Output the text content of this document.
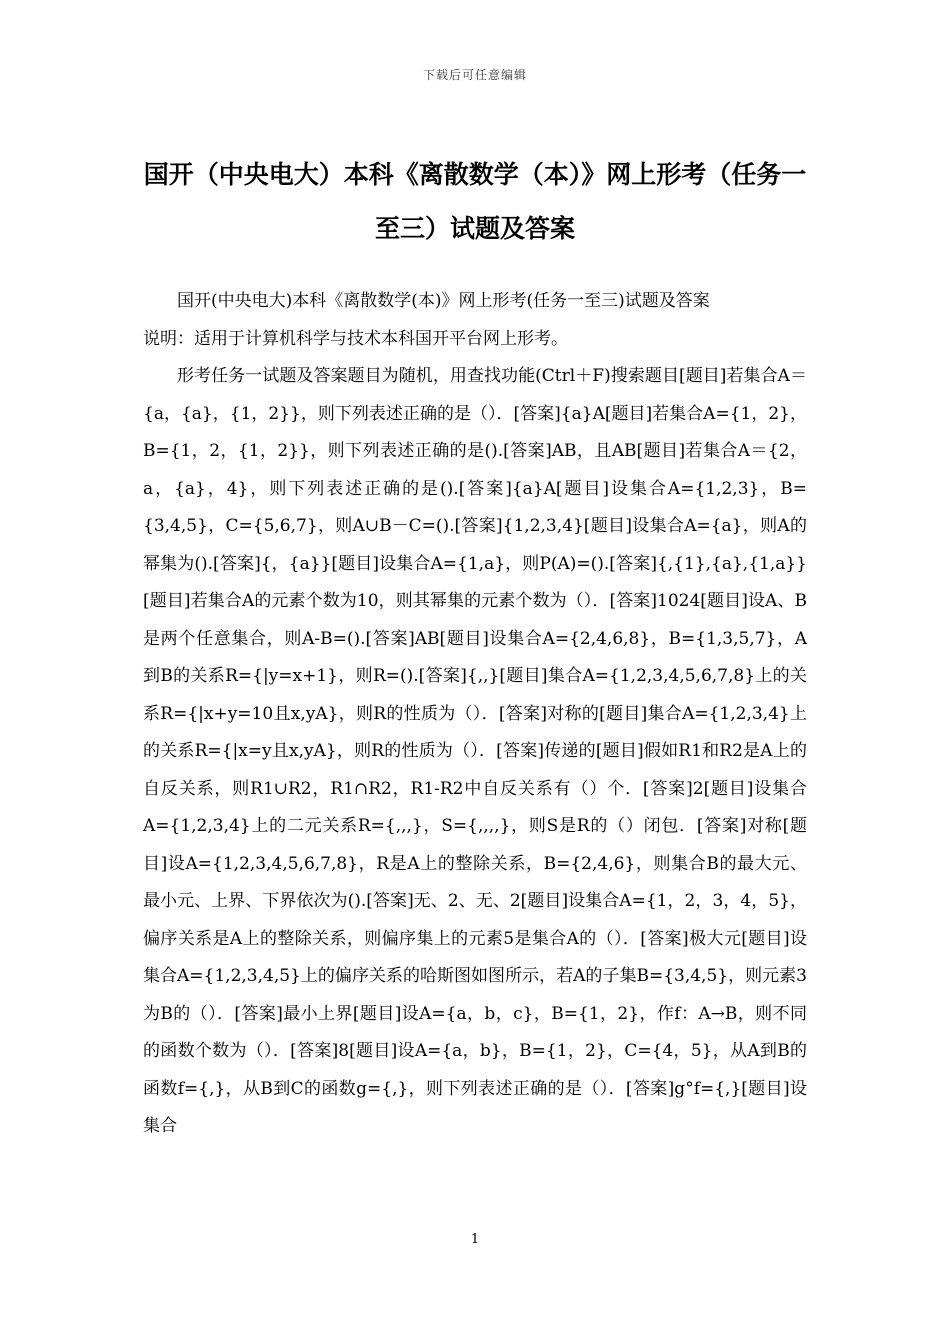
下载后可任意编辑
国开（中央电大）本科《离散数学（本）》网上形考（任务一至三）试题及答案

国开(中央电大)本科《离散数学(本)》网上形考(任务一至三)试题及答案

说明：适用于计算机科学与技术本科国开平台网上形考。

形考任务一试题及答案题目为随机，用查找功能(Ctrl＋F)搜索题目[题目]若集合A＝{a，{a}，{1，2}}，则下列表述正确的是（）．[答案]{a}A[题目]若集合A={1，2}，B={1，2，{1，2}}，则下列表述正确的是().[答案]AB，且AB[题目]若集合A＝{2，a，{a}，4}，则下列表述正确的是().[答案]{a}A[题目]设集合A={1,2,3}，B={3,4,5}，C={5,6,7}，则A∪B－C=().[答案]{1,2,3,4}[题目]设集合A={a}，则A的幂集为().[答案]{，{a}}[题目]设集合A={1,a}，则P(A)=().[答案]{,{1},{a},{1,a}}[题目]若集合A的元素个数为10，则其幂集的元素个数为（）．[答案]1024[题目]设A、B是两个任意集合，则A-B=().[答案]AB[题目]设集合A={2,4,6,8}，B={1,3,5,7}，A到B的关系R={|y=x+1}，则R=().[答案]{,,}[题目]集合A={1,2,3,4,5,6,7,8}上的关系R={|x+y=10且x,yA}，则R的性质为（）．[答案]对称的[题目]集合A={1,2,3,4}上的关系R={|x=y且x,yA}，则R的性质为（）．[答案]传递的[题目]假如R1和R2是A上的自反关系，则R1∪R2，R1∩R2，R1-R2中自反关系有（）个．[答案]2[题目]设集合A={1,2,3,4}上的二元关系R={,,,}，S={,,,,}，则S是R的（）闭包．[答案]对称[题目]设A={1,2,3,4,5,6,7,8}，R是A上的整除关系，B={2,4,6}，则集合B的最大元、最小元、上界、下界依次为().[答案]无、2、无、2[题目]设集合A={1，2，3，4，5}，偏序关系是A上的整除关系，则偏序集上的元素5是集合A的（）．[答案]极大元[题目]设集合A={1,2,3,4,5}上的偏序关系的哈斯图如图所示，若A的子集B={3,4,5}，则元素3为B的（）．[答案]最小上界[题目]设A={a，b，c}，B={1，2}，作f：A→B，则不同的函数个数为（）．[答案]8[题目]设A={a，b}，B={1，2}，C={4，5}，从A到B的函数f={,}，从B到C的函数g={,}，则下列表述正确的是（）．[答案]g°f={,}[题目]设集合

1
